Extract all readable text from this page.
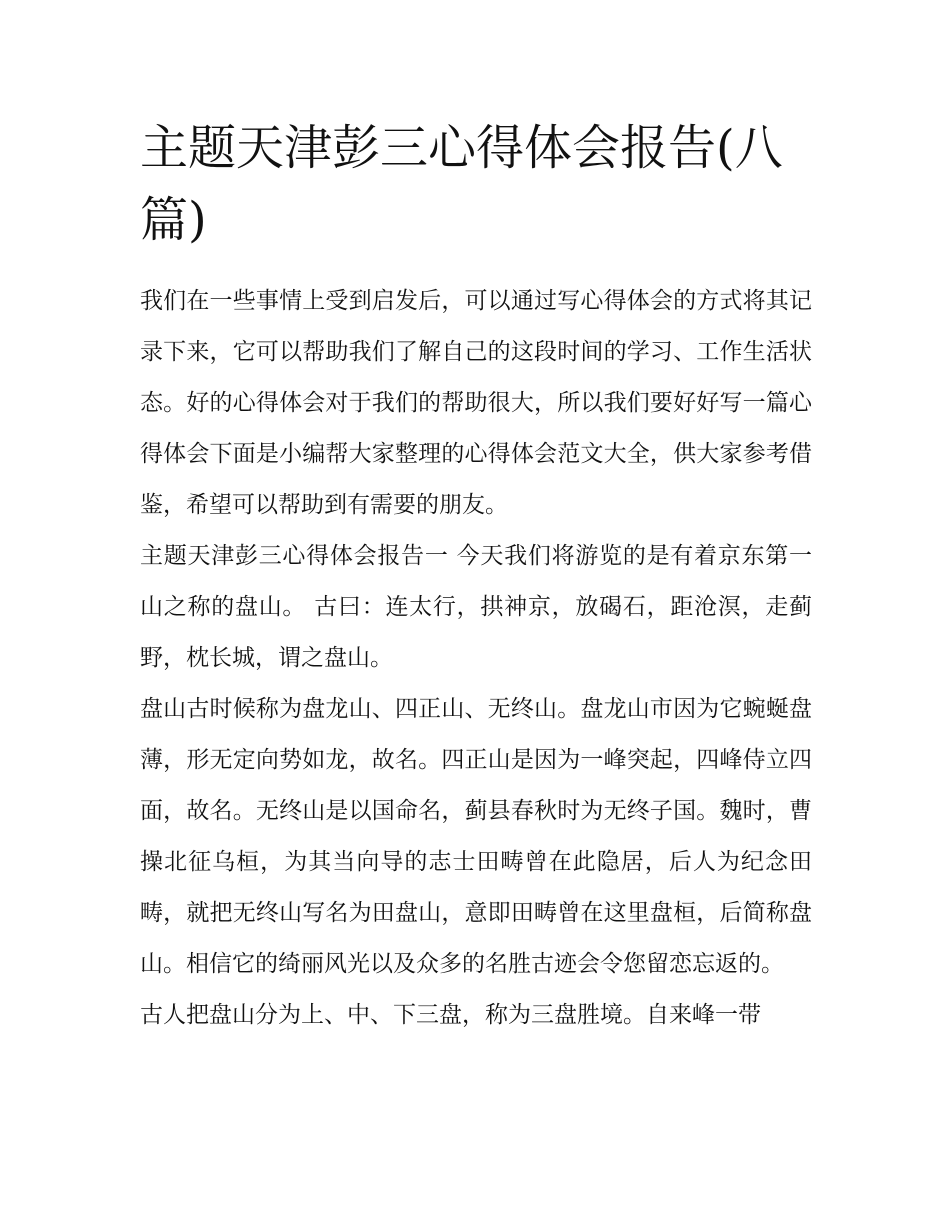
主题天津彭三心得体会报告(八篇)

我们在一些事情上受到启发后，可以通过写心得体会的方式将其记录下来，它可以帮助我们了解自己的这段时间的学习、工作生活状态。好的心得体会对于我们的帮助很大，所以我们要好好写一篇心得体会下面是小编帮大家整理的心得体会范文大全，供大家参考借鉴，希望可以帮助到有需要的朋友。

主题天津彭三心得体会报告一 今天我们将游览的是有着京东第一山之称的盘山。 古曰：连太行，拱神京，放碣石，距沧溟，走蓟野，枕长城，谓之盘山。

盘山古时候称为盘龙山、四正山、无终山。盘龙山市因为它蜿蜒盘薄，形无定向势如龙，故名。四正山是因为一峰突起，四峰侍立四面，故名。无终山是以国命名，蓟县春秋时为无终子国。魏时，曹操北征乌桓，为其当向导的志士田畴曾在此隐居，后人为纪念田畴，就把无终山写名为田盘山，意即田畴曾在这里盘桓，后简称盘山。相信它的绮丽风光以及众多的名胜古迹会令您留恋忘返的。

古人把盘山分为上、中、下三盘，称为三盘胜境。自来峰一带
